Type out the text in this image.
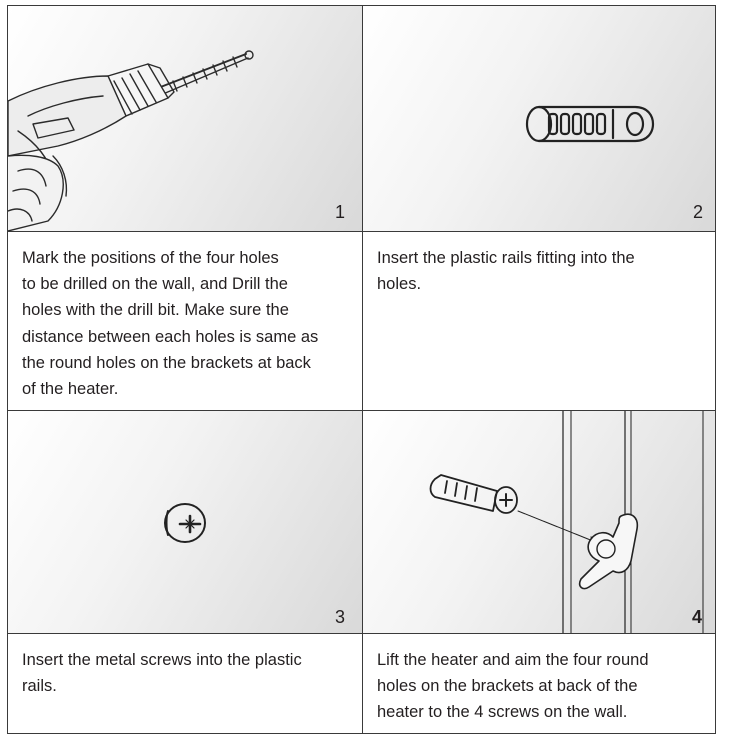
1	2
Mark the positions of the four holes
to be drilled on the wall, and Drill the
holes with the drill bit. Make sure the
distance between each holes is same as
the round holes on the brackets at back
of the heater.
Insert the plastic rails fitting into the
holes.
3	4
Insert the metal screws into the plastic
rails.
Lift the heater and aim the four round
holes on the brackets at back of the
heater to the 4 screws on the wall.
